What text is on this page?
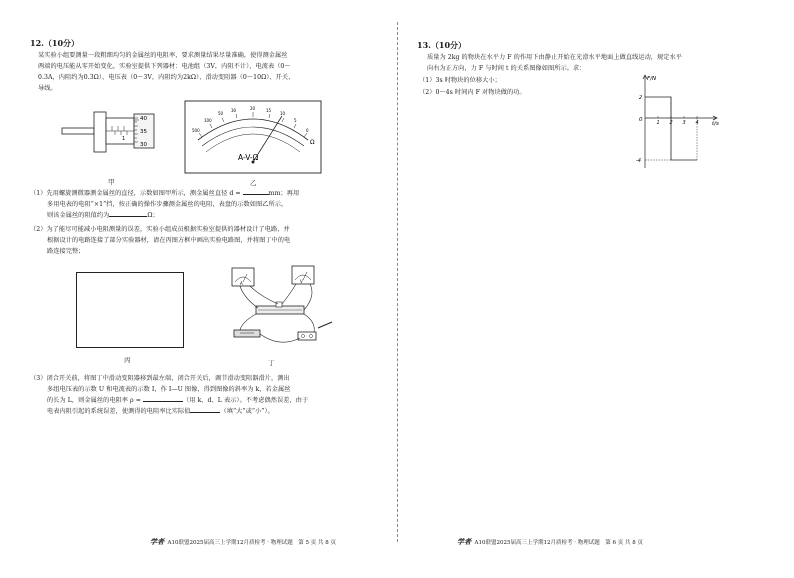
12.（10分）
某实验小组要测量一段粗细均匀的金属丝的电阻率，要求测量结果尽量准确，使得测金属丝
两端的电压能从零开始变化，实验室提供下列器材：电池组（3V，内阻不计）、电流表（0～
0.3A，内阻约为0.3Ω）、电压表（0～3V，内阻约为2kΩ）、滑动变阻器（0～10Ω）、开关、
导线。
1
40
35
30
甲
500
100
50
30	20	15
10
5
0
Ω
A-V-Ω
乙
（1）先用螺旋测微器测金属丝的直径，示数如图甲所示，测金属丝直径 d =	mm；再用
多用电表的电阻“×1”挡，按正确的操作步骤测金属丝的电阻，表盘的示数如图乙所示，
则该金属丝的阻值约为	Ω；
（2）为了能尽可能减小电阻测量的误差，实验小组成员根据实验室提供的器材设计了电路，并
根据设计的电路连接了部分实验器材，请在丙图方框中画出实验电路图，并将图丁中的电
路连接完整；
丙
A	V
丁
（3）闭合开关前，将图丁中滑动变阻器移到最左端，闭合开关后，调节滑动变阻器滑片，测出
多组电压表的示数 U 和电流表的示数 I，作 I—U 图像，得到图像的斜率为 k，若金属丝
的长为 L，则金属丝的电阻率 ρ =	（用 k、d、L 表示）。不考虑偶然误差，由于
电表内阻引起的系统误差，使测得的电阻率比实际值	（填“大”或“小”）。
学者· A10联盟2025届高三上学期12月质检考 · 物理试题　第 5 页 共 8 页
13.（10分）
质量为 2kg 的物块在水平力 F 的作用下由静止开始在光滑水平地面上做直线运动，规定水平
向右为正方向，力 F 与时间 t 的关系图像如图所示。求：
（1）3s 时物块的位移大小；
（2）0～4s 时间内 F 对物块做的功。
F/N
t/s
0	1 2 3 4
2
-4
学者· A10联盟2025届高三上学期12月质检考 · 物理试题　第 6 页 共 8 页
